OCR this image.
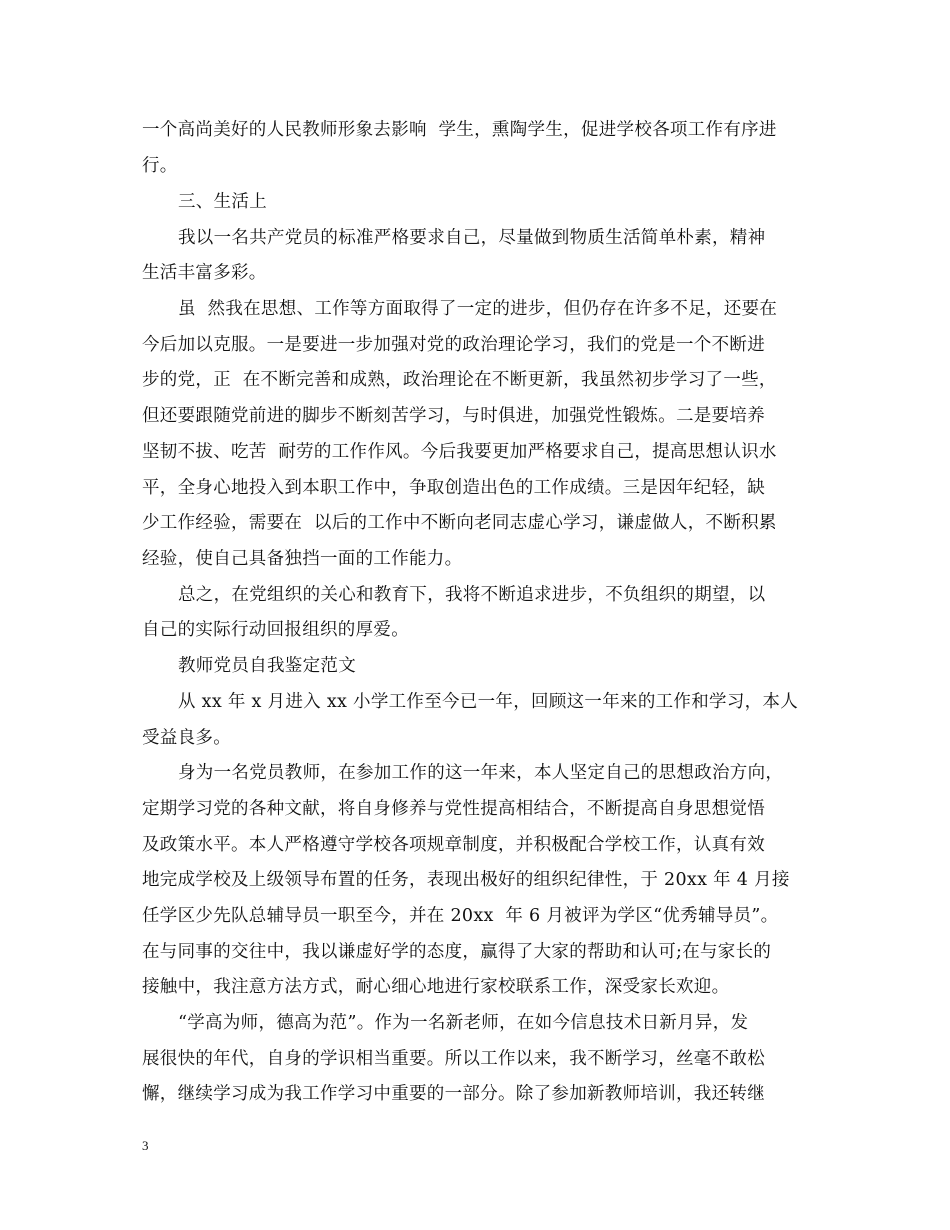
一个高尚美好的人民教师形象去影响  学生，熏陶学生，促进学校各项工作有序进
行。
三、生活上
我以一名共产党员的标准严格要求自己，尽量做到物质生活简单朴素，精神
生活丰富多彩。
虽  然我在思想、工作等方面取得了一定的进步，但仍存在许多不足，还要在
今后加以克服。一是要进一步加强对党的政治理论学习，我们的党是一个不断进
步的党，正  在不断完善和成熟，政治理论在不断更新，我虽然初步学习了一些，
但还要跟随党前进的脚步不断刻苦学习，与时俱进，加强党性锻炼。二是要培养
坚韧不拔、吃苦  耐劳的工作作风。今后我要更加严格要求自己，提高思想认识水
平，全身心地投入到本职工作中，争取创造出色的工作成绩。三是因年纪轻，缺
少工作经验，需要在  以后的工作中不断向老同志虚心学习，谦虚做人，不断积累
经验，使自己具备独挡一面的工作能力。
总之，在党组织的关心和教育下，我将不断追求进步，不负组织的期望，以
自己的实际行动回报组织的厚爱。
教师党员自我鉴定范文
从 xx 年 x 月进入 xx 小学工作至今已一年，回顾这一年来的工作和学习，本人
受益良多。
身为一名党员教师，在参加工作的这一年来，本人坚定自己的思想政治方向，
定期学习党的各种文献，将自身修养与党性提高相结合，不断提高自身思想觉悟
及政策水平。本人严格遵守学校各项规章制度，并积极配合学校工作，认真有效
地完成学校及上级领导布置的任务，表现出极好的组织纪律性，于 20xx 年 4 月接
任学区少先队总辅导员一职至今，并在 20xx  年 6 月被评为学区“优秀辅导员”。
在与同事的交往中，我以谦虚好学的态度，赢得了大家的帮助和认可;在与家长的
接触中，我注意方法方式，耐心细心地进行家校联系工作，深受家长欢迎。
“学高为师，德高为范”。作为一名新老师，在如今信息技术日新月异，发
展很快的年代，自身的学识相当重要。所以工作以来，我不断学习，丝毫不敢松
懈，继续学习成为我工作学习中重要的一部分。除了参加新教师培训，我还转继
3
